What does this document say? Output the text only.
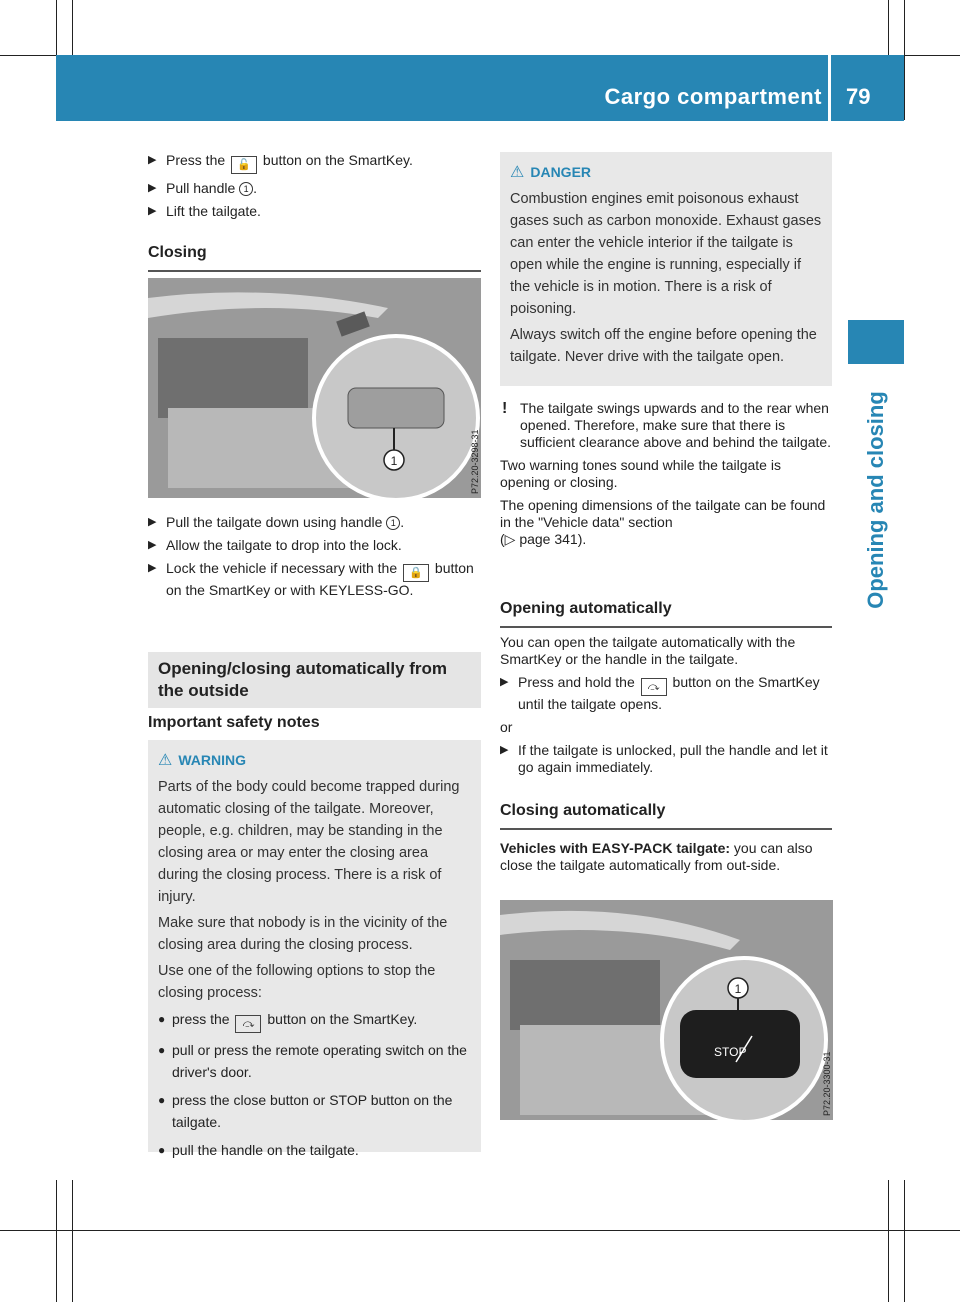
Cargo compartment 79
Opening and closing
▶ Press the 🔓 button on the SmartKey.
▶ Pull handle 1 .
▶ Lift the tailgate.
Closing
1	P72.20-3298-31
▶ Pull the tailgate down using handle 1 .
▶ Allow the tailgate to drop into the lock.
▶ Lock the vehicle if necessary with the 🔒 button on the SmartKey or with KEYLESS-GO.
Opening/closing automatically from the outside
Important safety notes
⚠ WARNING

Parts of the body could become trapped during automatic closing of the tailgate. Moreover, people, e.g. children, may be standing in the closing area or may enter the closing area during the closing process. There is a risk of injury.

Make sure that nobody is in the vicinity of the closing area during the closing process.

Use one of the following options to stop the closing process:

● press the ⤼ button on the SmartKey.
● pull or press the remote operating switch on the driver's door.
● press the close button or STOP button on the tailgate.
● pull the handle on the tailgate.
⚠ DANGER

Combustion engines emit poisonous exhaust gases such as carbon monoxide. Exhaust gases can enter the vehicle interior if the tailgate is open while the engine is running, especially if the vehicle is in motion. There is a risk of poisoning.

Always switch off the engine before opening the tailgate. Never drive with the tailgate open.

! The tailgate swings upwards and to the rear when opened. Therefore, make sure that there is sufficient clearance above and behind the tailgate.

Two warning tones sound while the tailgate is opening or closing.

The opening dimensions of the tailgate can be found in the "Vehicle data" section
(▷ page 341).

Opening automatically

You can open the tailgate automatically with the SmartKey or the handle in the tailgate.

▶ Press and hold the ⤼ button on the SmartKey until the tailgate opens.

or

▶ If the tailgate is unlocked, pull the handle and let it go again immediately.
Closing automatically

Vehicles with EASY-PACK tailgate: you can also close the tailgate automatically from out-side.

STOP
1
P72.20-3300-31
